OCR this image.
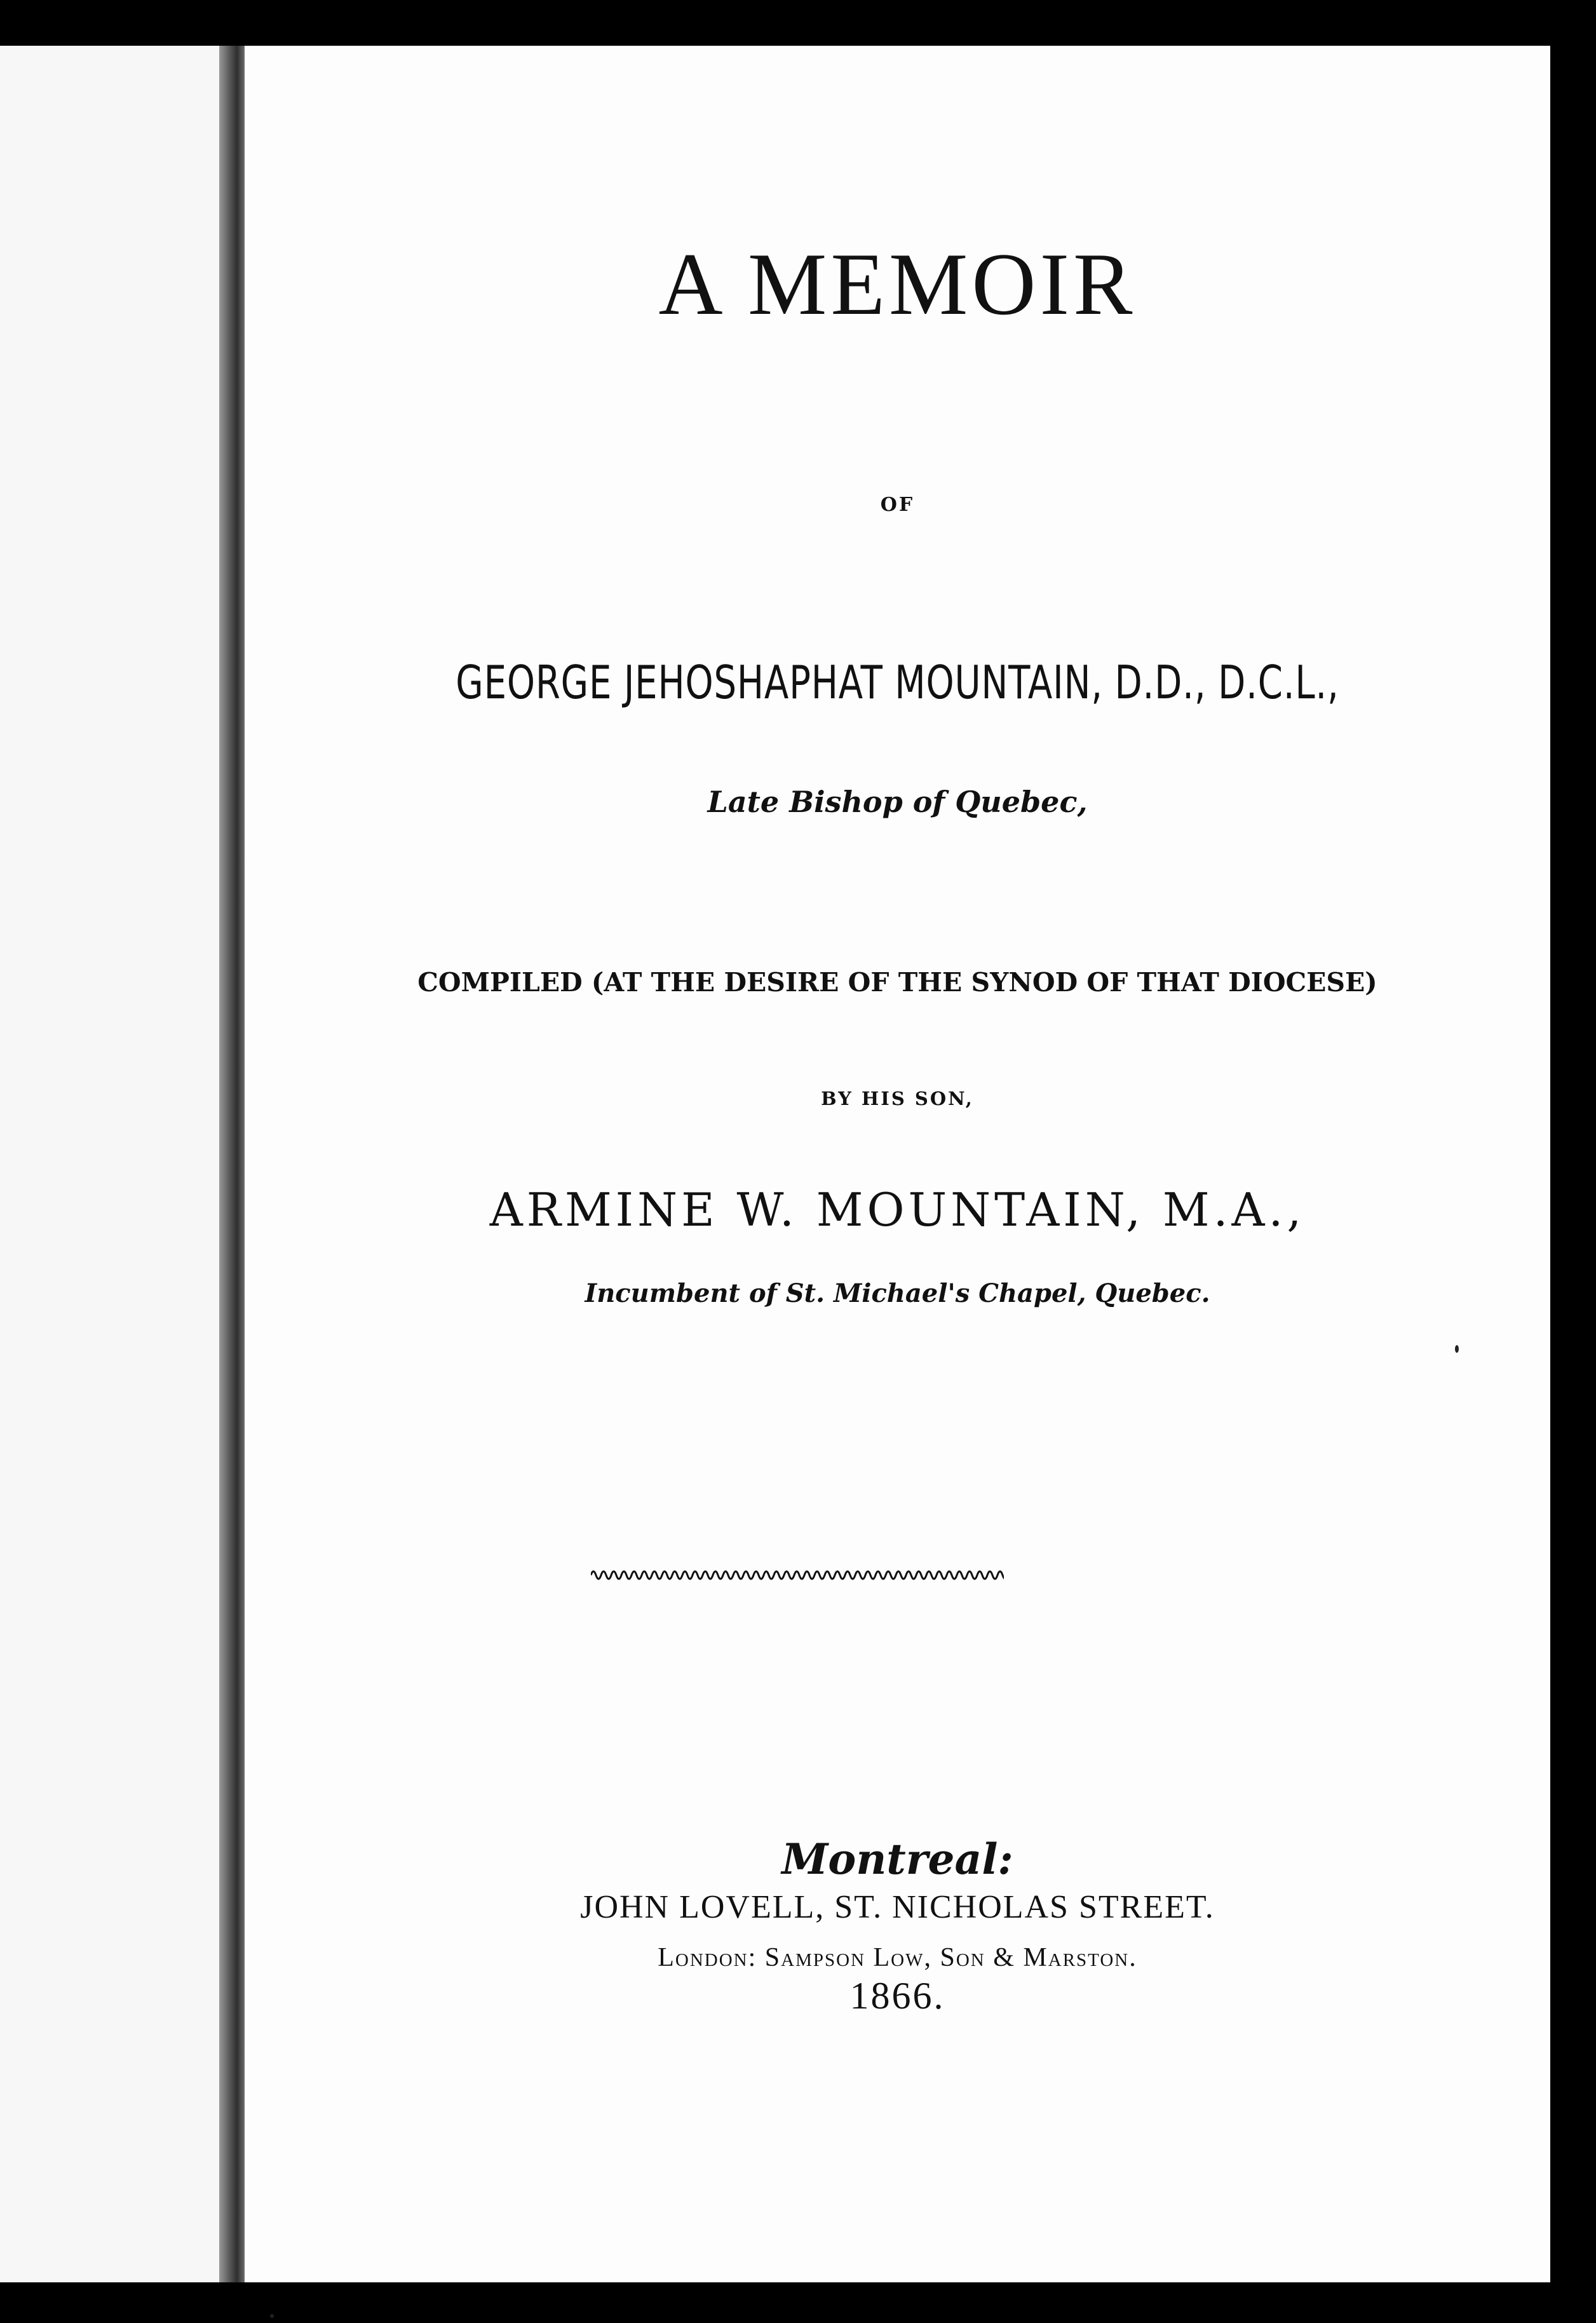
A MEMOIR

OF

GEORGE JEHOSHAPHAT MOUNTAIN, D.D., D.C.L.,

Late Bishop of Quebec,

COMPILED (AT THE DESIRE OF THE SYNOD OF THAT DIOCESE)

BY HIS SON,

ARMINE W. MOUNTAIN, M.A.,

Incumbent of St. Michael's Chapel, Quebec.

Montreal:

JOHN LOVELL, ST. NICHOLAS STREET.

London: Sampson Low, Son & Marston.

1866.
